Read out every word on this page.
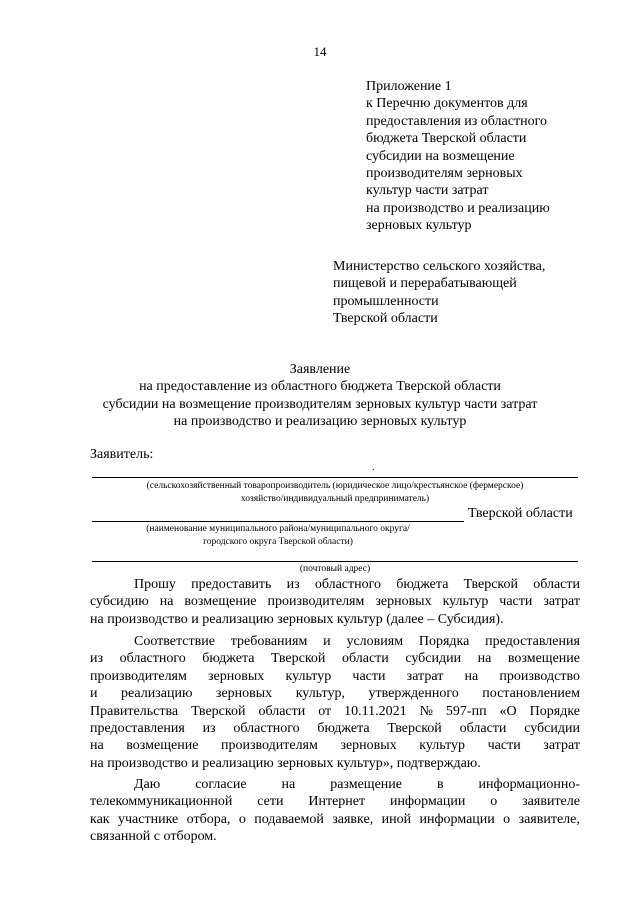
14
Приложение 1
к Перечню документов для
предоставления из областного
бюджета Тверской области
субсидии на возмещение
производителям зерновых
культур части затрат
на производство и реализацию
зерновых культур
Министерство сельского хозяйства,
пищевой и перерабатывающей
промышленности
Тверской области
Заявление
на предоставление из областного бюджета Тверской области
субсидии на возмещение производителям зерновых культур части затрат
на производство и реализацию зерновых культур
Заявитель:
.
(сельскохозяйственный товаропроизводитель (юридическое лицо/крестьянское (фермерское)
хозяйство/индивидуальный предприниматель)
Тверской области
(наименование муниципального района/муниципального округа/
городского округа Тверской области)
(почтовый адрес)
Прошу предоставить из областного бюджета Тверской области
субсидию на возмещение производителям зерновых культур части затрат
на производство и реализацию зерновых культур (далее – Субсидия).
Соответствие требованиям и условиям Порядка предоставления
из областного бюджета Тверской области субсидии на возмещение
производителям зерновых культур части затрат на производство
и реализацию зерновых культур, утвержденного постановлением
Правительства Тверской области от 10.11.2021 № 597-пп «О Порядке
предоставления из областного бюджета Тверской области субсидии
на возмещение производителям зерновых культур части затрат
на производство и реализацию зерновых культур», подтверждаю.
Даю согласие на размещение в информационно-
телекоммуникационной сети Интернет информации о заявителе
как участнике отбора, о подаваемой заявке, иной информации о заявителе,
связанной с отбором.
